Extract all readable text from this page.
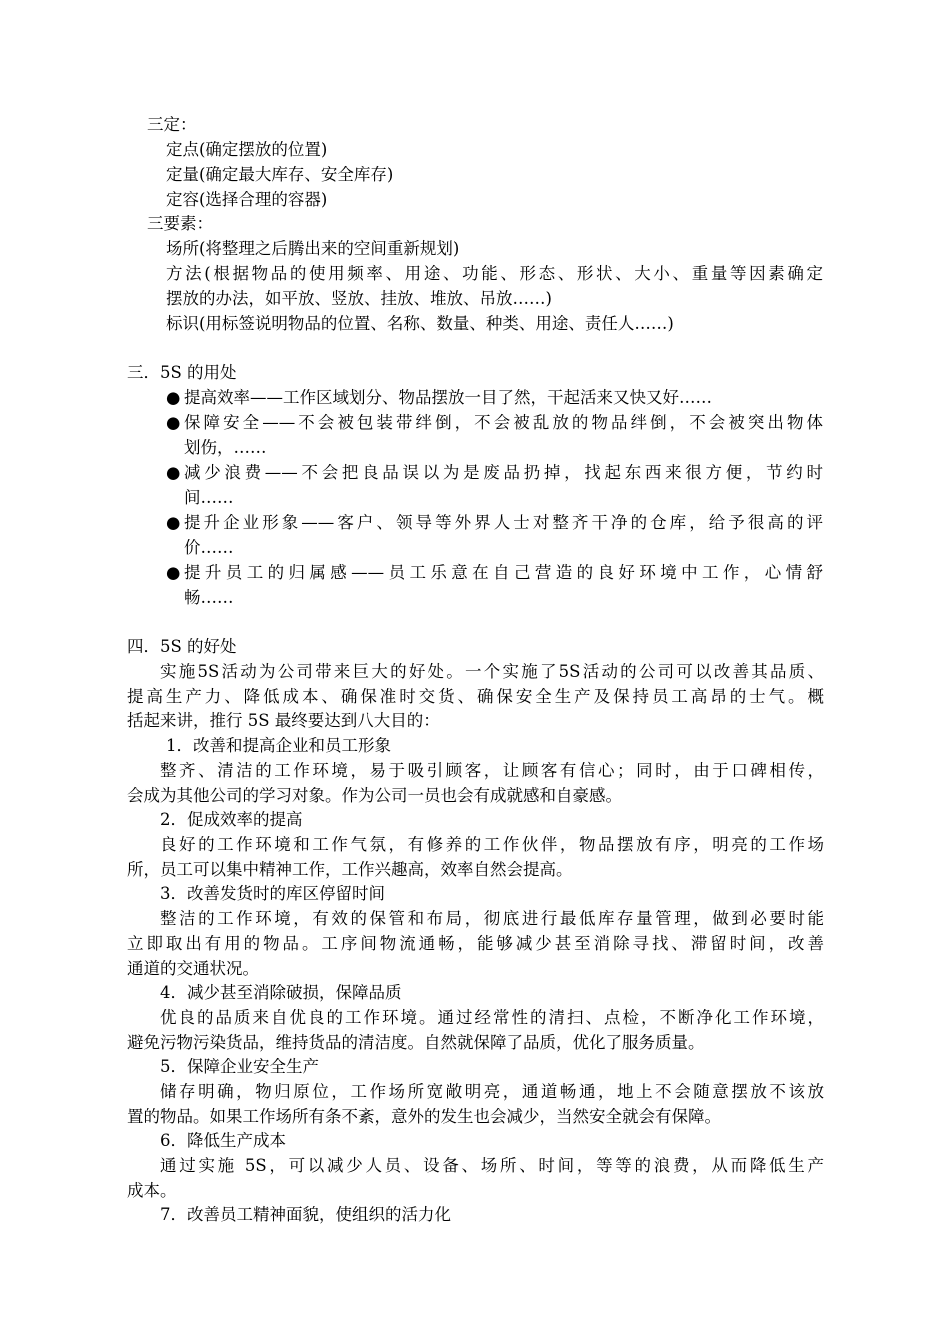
三定：
定点(确定摆放的位置)
定量(确定最大库存、安全库存)
定容(选择合理的容器)
三要素：
场所(将整理之后腾出来的空间重新规划)
方法(根据物品的使用频率、用途、功能、形态、形状、大小、重量等因素确定
摆放的办法，如平放、竖放、挂放、堆放、吊放……)
标识(用标签说明物品的位置、名称、数量、种类、用途、责任人……)
三．5S 的用处
● 提高效率——工作区域划分、物品摆放一目了然，干起活来又快又好……
● 保障安全——不会被包装带绊倒，不会被乱放的物品绊倒，不会被突出物体
划伤，……
● 减少浪费——不会把良品误以为是废品扔掉，找起东西来很方便，节约时
间……
● 提升企业形象——客户、领导等外界人士对整齐干净的仓库，给予很高的评
价……
● 提升员工的归属感——员工乐意在自己营造的良好环境中工作，心情舒
畅……
四．5S 的好处
实施5S活动为公司带来巨大的好处。一个实施了5S活动的公司可以改善其品质、
提高生产力、降低成本、确保准时交货、确保安全生产及保持员工高昂的士气。概
括起来讲，推行 5S 最终要达到八大目的：
1．改善和提高企业和员工形象
整齐、清洁的工作环境，易于吸引顾客，让顾客有信心；同时，由于口碑相传，
会成为其他公司的学习对象。作为公司一员也会有成就感和自豪感。
2．促成效率的提高
良好的工作环境和工作气氛，有修养的工作伙伴，物品摆放有序，明亮的工作场
所，员工可以集中精神工作，工作兴趣高，效率自然会提高。
3．改善发货时的库区停留时间
整洁的工作环境，有效的保管和布局，彻底进行最低库存量管理，做到必要时能
立即取出有用的物品。工序间物流通畅，能够减少甚至消除寻找、滞留时间，改善
通道的交通状况。
4．减少甚至消除破损，保障品质
优良的品质来自优良的工作环境。通过经常性的清扫、点检，不断净化工作环境，
避免污物污染货品，维持货品的清洁度。自然就保障了品质，优化了服务质量。
5．保障企业安全生产
储存明确，物归原位，工作场所宽敞明亮，通道畅通，地上不会随意摆放不该放
置的物品。如果工作场所有条不紊，意外的发生也会减少，当然安全就会有保障。
6．降低生产成本
通过实施 5S，可以减少人员、设备、场所、时间，等等的浪费，从而降低生产
成本。
7．改善员工精神面貌，使组织的活力化
